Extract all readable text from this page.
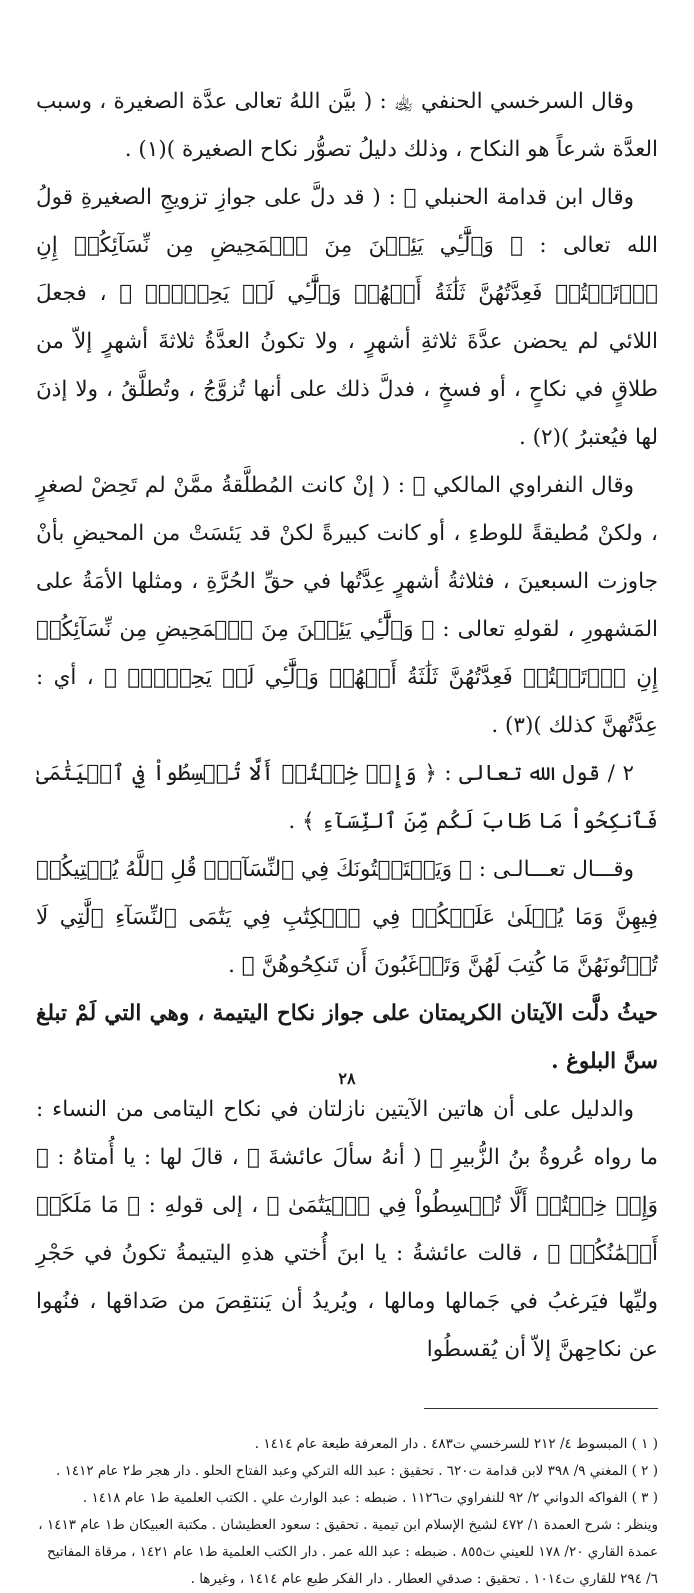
وقال السرخسي الحنفي ﵀ : ( بيَّن اللهُ تعالى عدَّة الصغيرة ، وسبب العدَّة شرعاً هو النكاح ، وذلك دليلُ تصوُّر نكاح الصغيرة )(١) .

وقال ابن قدامة الحنبلي ﵀ : ( قد دلَّ على جوازِ تزويجِ الصغيرةِ قولُ الله تعالى : ﴿ وَٱلَّٰٓـِٔي يَئِسۡنَ مِنَ ٱلۡمَحِيضِ مِن نِّسَآئِكُمۡ إِنِ ٱرۡتَبۡتُمۡ فَعِدَّتُهُنَّ ثَلَٰثَةُ أَشۡهُرٖ وَٱلَّٰٓـِٔي لَمۡ يَحِضۡنَۚ ﴾ ، فجعلَ اللائي لم يحضن عدَّةَ ثلاثةِ أشهرٍ ، ولا تكونُ العدَّةُ ثلاثةَ أشهرٍ إلاّ من طلاقٍ في نكاحٍ ، أو فسخٍ ، فدلَّ ذلك على أنها تُزوَّجُ ، وتُطلَّقُ ، ولا إذنَ لها فيُعتبرُ )(٢) .

وقال النفراوي المالكي ﵀ : ( إنْ كانت المُطلَّقةُ ممَّنْ لم تَحِضْ لصغرٍ ، ولكنْ مُطيقةً للوطءِ ، أو كانت كبيرةً لكنْ قد يَئسَتْ من المحيضِ بأنْ جاوزت السبعينَ ، فثلاثةُ أشهرٍ عِدَّتُها في حقِّ الحُرَّةِ ، ومثلها الأمَةُ على المَشهورِ ، لقولهِ تعالى : ﴿ وَٱلَّٰٓـِٔي يَئِسۡنَ مِنَ ٱلۡمَحِيضِ مِن نِّسَآئِكُمۡ إِنِ ٱرۡتَبۡتُمۡ فَعِدَّتُهُنَّ ثَلَٰثَةُ أَشۡهُرٖ وَٱلَّٰٓـِٔي لَمۡ يَحِضۡنَۚ ﴾ ، أي : عِدَّتُهنَّ كذلك )(٣) .

٢ / قول الله تعالى : ﴿ وَإِنۡ خِفۡتُمۡ أَلَّا تُقۡسِطُواْ فِي ٱلۡيَتَٰمَىٰ فَٱنكِحُواْ مَا طَابَ لَكُم مِّنَ ٱلنِّسَآءِ ﴾ .

وقـــال تعـــالـى : ﴿ وَيَسۡتَفۡتُونَكَ فِي ٱلنِّسَآءِۖ قُلِ ٱللَّهُ يُفۡتِيكُمۡ فِيهِنَّ وَمَا يُتۡلَىٰ عَلَيۡكُمۡ فِي ٱلۡكِتَٰبِ فِي يَتَٰمَى ٱلنِّسَآءِ ٱلَّٰتِي لَا تُؤۡتُونَهُنَّ مَا كُتِبَ لَهُنَّ وَتَرۡغَبُونَ أَن تَنكِحُوهُنَّ ﴾ .

حيثُ دلَّت الآيتان الكريمتان على جواز نكاح اليتيمة ، وهي التي لَمْ تبلغ سنَّ البلوغ .

والدليل على أن هاتين الآيتين نازلتان في نكاح اليتامى من النساء : ما رواه عُروةُ بنُ الزُّبيرِ ﵀ ( أنهُ سألَ عائشةَ ﵂ ، قالَ لها : يا أُمتاهُ : ﴿ وَإِنۡ خِفۡتُمۡ أَلَّا تُقۡسِطُواْ فِي ٱلۡيَتَٰمَىٰ ﴾ ، إلى قولهِ : ﴿ مَا مَلَكَتۡ أَيۡمَٰنُكُمۡ ﴾ ، قالت عائشةُ : يا ابنَ أُختي هذهِ اليتيمةُ تكونُ في حَجْرِ وليِّها فيَرغبُ في جَمالها ومالها ، ويُريدُ أن يَنتقِصَ من صَداقها ، فنُهوا عن نكاحِهنَّ إلاّ أن يُقسطُوا

( ١ ) المبسوط ٤/ ٢١٢ للسرخسي ت٤٨٣ . دار المعرفة طبعة عام ١٤١٤ .

( ٢ ) المغني ٩/ ٣٩٨ لابن قدامة ت٦٢٠ . تحقيق : عبد الله التركي وعبد الفتاح الحلو . دار هجر ط٢ عام ١٤١٢ .

( ٣ ) الفواكه الدواني ٢/ ٩٢ للنفراوي ت١١٢٦ . ضبطه : عبد الوارث علي . الكتب العلمية ط١ عام ١٤١٨ .

وينظر : شرح العمدة ١/ ٤٧٢ لشيخ الإسلام ابن تيمية . تحقيق : سعود العطيشان . مكتبة العبيكان ط١ عام ١٤١٣ ، عمدة القاري ٢٠/ ١٧٨ للعيني ت٨٥٥ . ضبطه : عبد الله عمر . دار الكتب العلمية ط١ عام ١٤٢١ ، مرقاة المفاتيح ٦/ ٢٩٤ للقاري ت١٠١٤ . تحقيق : صدقي العطار . دار الفكر طبع عام ١٤١٤ ، وغيرها .

٢٨
